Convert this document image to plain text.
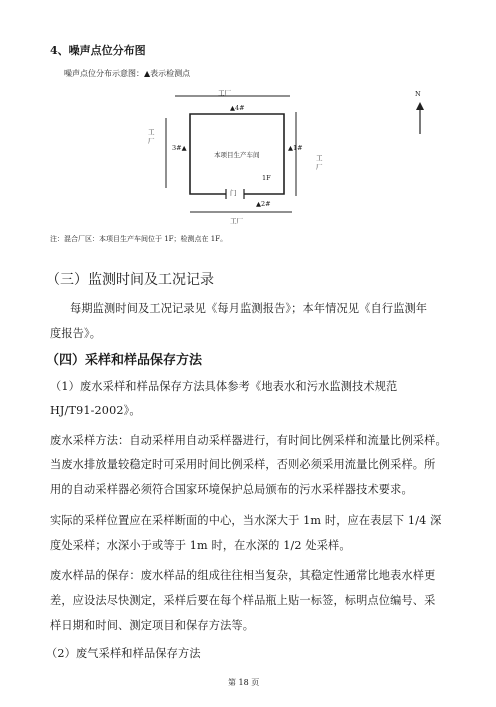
4、噪声点位分布图
噪声点位分布示意图：▲表示检测点
工厂
▲4#
工厂
3#▲	▲1#
工厂
本项目生产车间
1F
门
▲2#
工厂
N
注：混合厂区：本项目生产车间位于 1F；检测点在 1F。
（三）监测时间及工况记录
每期监测时间及工况记录见《每月监测报告》；本年情况见《自行监测年
度报告》。
（四）采样和样品保存方法
（1）废水采样和样品保存方法具体参考《地表水和污水监测技术规范
HJ/T91-2002》。
废水采样方法：自动采样用自动采样器进行，有时间比例采样和流量比例采样。
当废水排放量较稳定时可采用时间比例采样，否则必须采用流量比例采样。所
用的自动采样器必须符合国家环境保护总局颁布的污水采样器技术要求。
实际的采样位置应在采样断面的中心，当水深大于 1m 时，应在表层下 1/4 深
度处采样；水深小于或等于 1m 时，在水深的 1/2 处采样。
废水样品的保存：废水样品的组成往往相当复杂，其稳定性通常比地表水样更
差，应设法尽快测定，采样后要在每个样品瓶上贴一标签，标明点位编号、采
样日期和时间、测定项目和保存方法等。
（2）废气采样和样品保存方法
第 18 页
